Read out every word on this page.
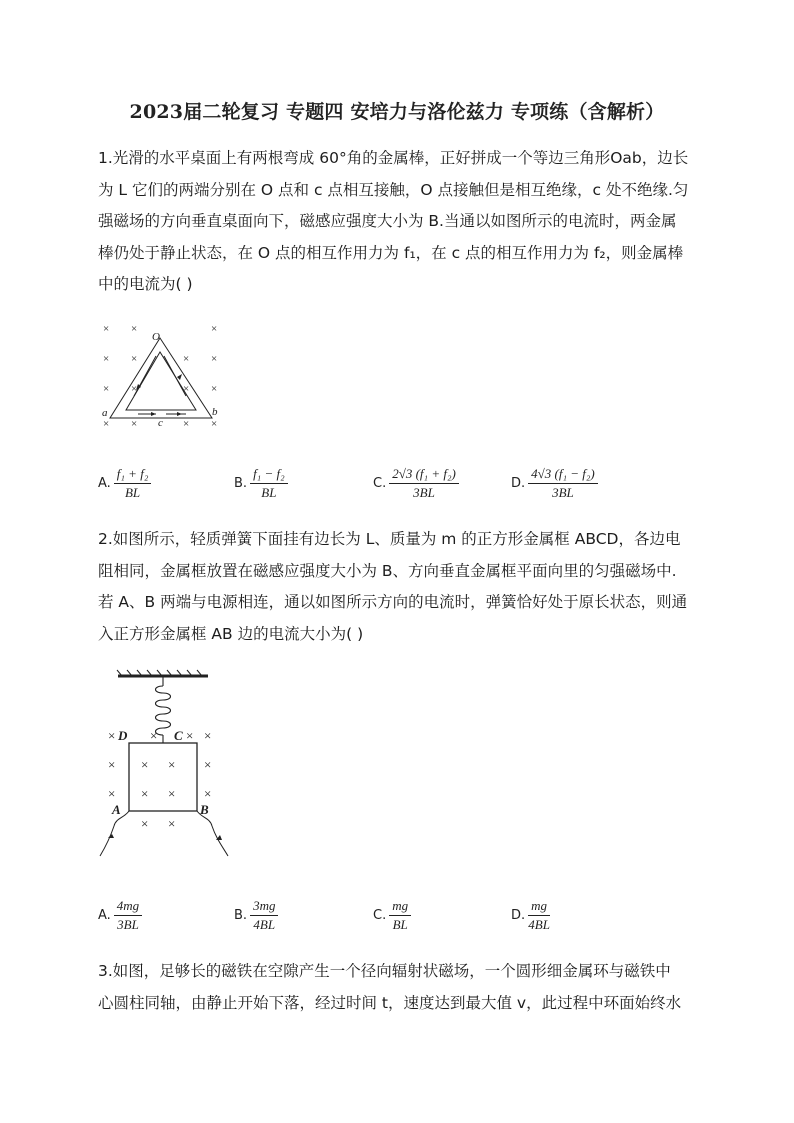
2023届二轮复习 专题四 安培力与洛伦兹力 专项练（含解析）
1.光滑的水平桌面上有两根弯成 60°角的金属棒，正好拼成一个等边三角形Oab，边长
为 L 它们的两端分别在 O 点和 c 点相互接触，O 点接触但是相互绝缘，c 处不绝缘.匀
强磁场的方向垂直桌面向下，磁感应强度大小为 B.当通以如图所示的电流时，两金属
棒仍处于静止状态，在 O 点的相互作用力为 f₁，在 c 点的相互作用力为 f₂，则金属棒
中的电流为( )
× ×	×
× ×	× ×
× ×	× ×
× ×	× ×
O
a	b
c
A. $\frac{\text{f₁ + f₂}}{BL}$	B. $\frac{\text{f₁ − f₂}}{BL}$	C. $\frac{\text{2√3 (f₁ + f₂)}}{3BL}$	D. $\frac{\text{4√3 (f₁ − f₂)}}{3BL}$
2.如图所示，轻质弹簧下面挂有边长为 L、质量为 m 的正方形金属框 ABCD，各边电
阻相同，金属框放置在磁感应强度大小为 B、方向垂直金属框平面向里的匀强磁场中.
若 A、B 两端与电源相连，通以如图所示方向的电流时，弹簧恰好处于原长状态，则通
入正方形金属框 AB 边的电流大小为( )
×	× × ×
× × × ×
× × × ×
× ×
D	C
A	B
A. $\frac{4mg}{3BL}$	B. $\frac{3mg}{4BL}$	C. $\frac{mg}{BL}$	D. $\frac{mg}{4BL}$
3.如图，足够长的磁铁在空隙产生一个径向辐射状磁场，一个圆形细金属环与磁铁中
心圆柱同轴，由静止开始下落，经过时间 t，速度达到最大值 v，此过程中环面始终水
